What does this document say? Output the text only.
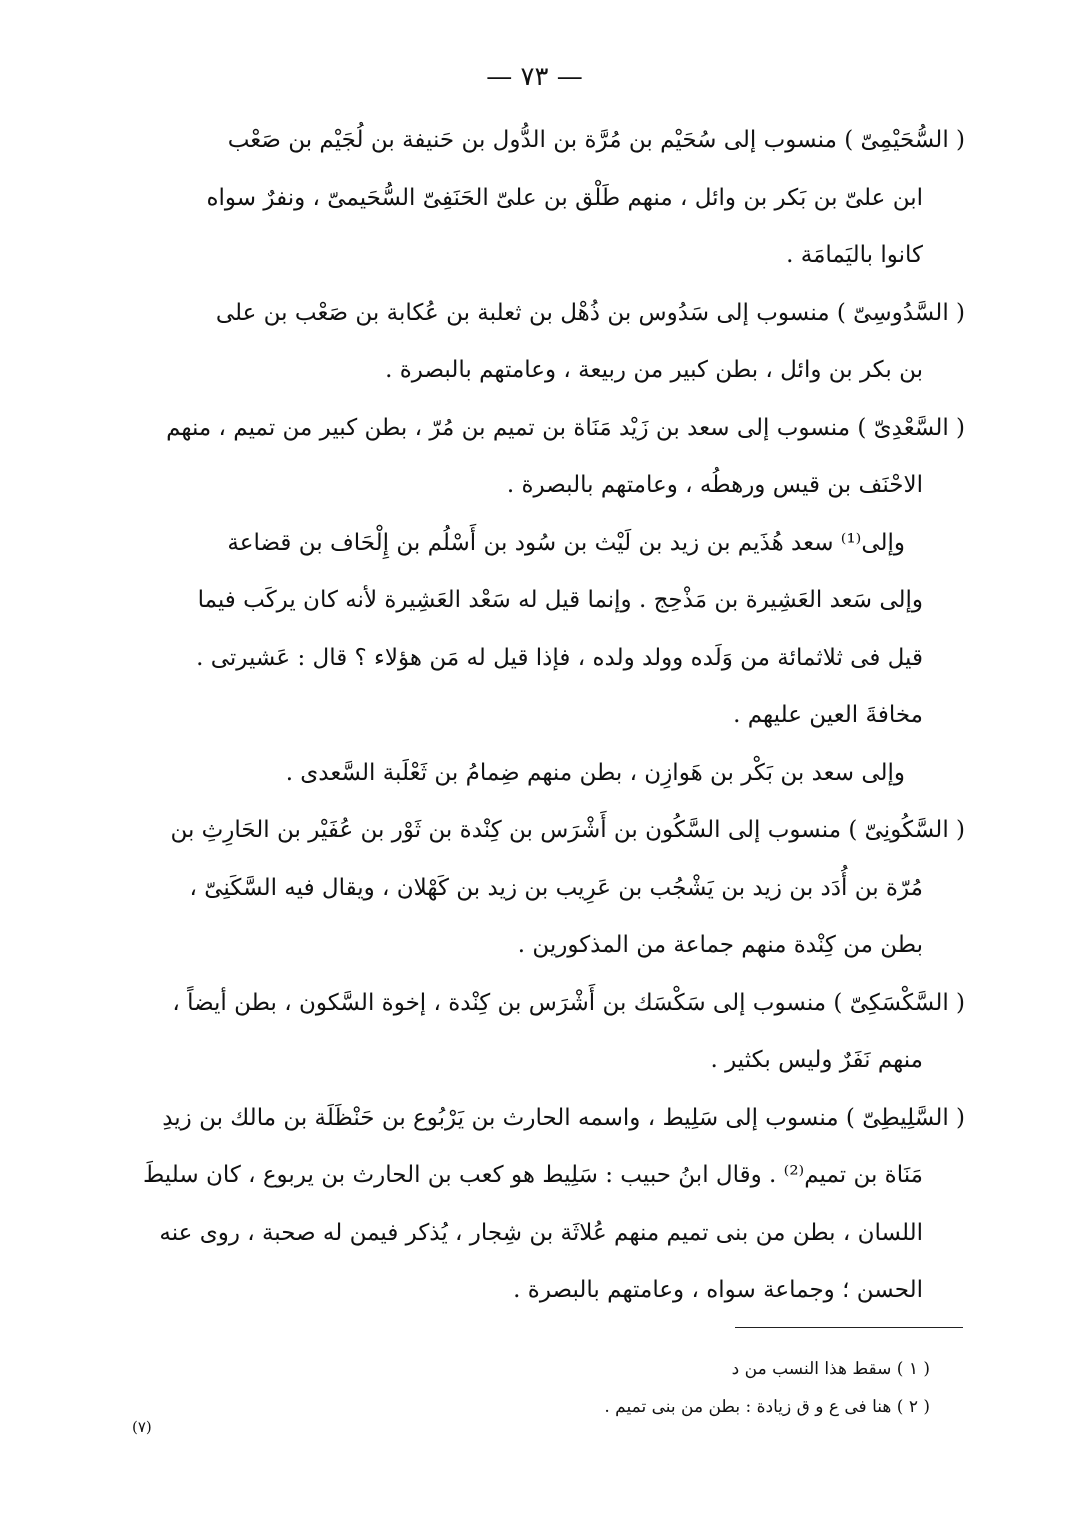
— ٧٣ —
( السُّحَيْمِىّ ) منسوب إلى سُحَيْم بن مُرَّة بن الدُّول بن حَنيفة بن لُجَيْم بن صَعْب
ابن علىّ بن بَكر بن وائل ، منهم طَلْق بن علىّ الحَنَفِىّ السُّحَيمىّ ، ونفرٌ سواه
كانوا باليَمامَة .
( السَّدُوسِىّ ) منسوب إلى سَدُوس بن ذُهْل بن ثعلبة بن عُكابة بن صَعْب بن على
بن بكر بن وائل ، بطن كبير من ربيعة ، وعامتهم بالبصرة .
( السَّعْدِىّ ) منسوب إلى سعد بن زَيْد مَنَاة بن تميم بن مُرّ ، بطن كبير من تميم ، منهم
الاحْنَف بن قيس ورهطُه ، وعامتهم بالبصرة .
وإلى⁽¹⁾ سعد هُذَيم بن زيد بن لَيْث بن سُود بن أَسْلُم بن إِلْحَاف بن قضاعة
وإلى سَعد العَشِيرة بن مَذْحِج . وإنما قيل له سَعْد العَشِيرة لأنه كان يركَب فيما
قيل فى ثلاثمائة من وَلَده وولد ولده ، فإذا قيل له مَن هؤلاء ؟ قال : عَشيرتى .
مخافةَ العين عليهم .
وإلى سعد بن بَكْر بن هَوازِن ، بطن منهم ضِمامُ بن ثَعْلَبة السَّعدى .
( السَّكُونِىّ ) منسوب إلى السَّكُون بن أَشْرَس بن كِنْدة بن ثَوْر بن عُفَيْر بن الحَارِثِ بن
مُرّة بن أُدَد بن زيد بن يَشْجُب بن عَرِيب بن زيد بن كَهْلان ، ويقال فيه السَّكَنِىّ ،
بطن من كِنْدة منهم جماعة من المذكورين .
( السَّكْسَكِىّ ) منسوب إلى سَكْسَك بن أَشْرَس بن كِنْدة ، إخوة السَّكون ، بطن أيضاً ،
منهم نَفَرٌ وليس بكثير .
( السَّلِيطِىّ ) منسوب إلى سَلِيط ، واسمه الحارث بن يَرْبُوع بن حَنْظَلَة بن مالك بن زيدِ
مَنَاة بن تميم⁽²⁾ . وقال ابنُ حبيب : سَلِيط هو كعب بن الحارث بن يربوع ، كان سليطَ
اللسان ، بطن من بنى تميم منهم عُلاثَة بن شِجار ، يُذكر فيمن له صحبة ، روى عنه
الحسن ؛ وجماعة سواه ، وعامتهم بالبصرة .
( ١ ) سقط هذا النسب من د
( ٢ ) هنا فى ع و ق زيادة : بطن من بنى تميم .
(٧)
